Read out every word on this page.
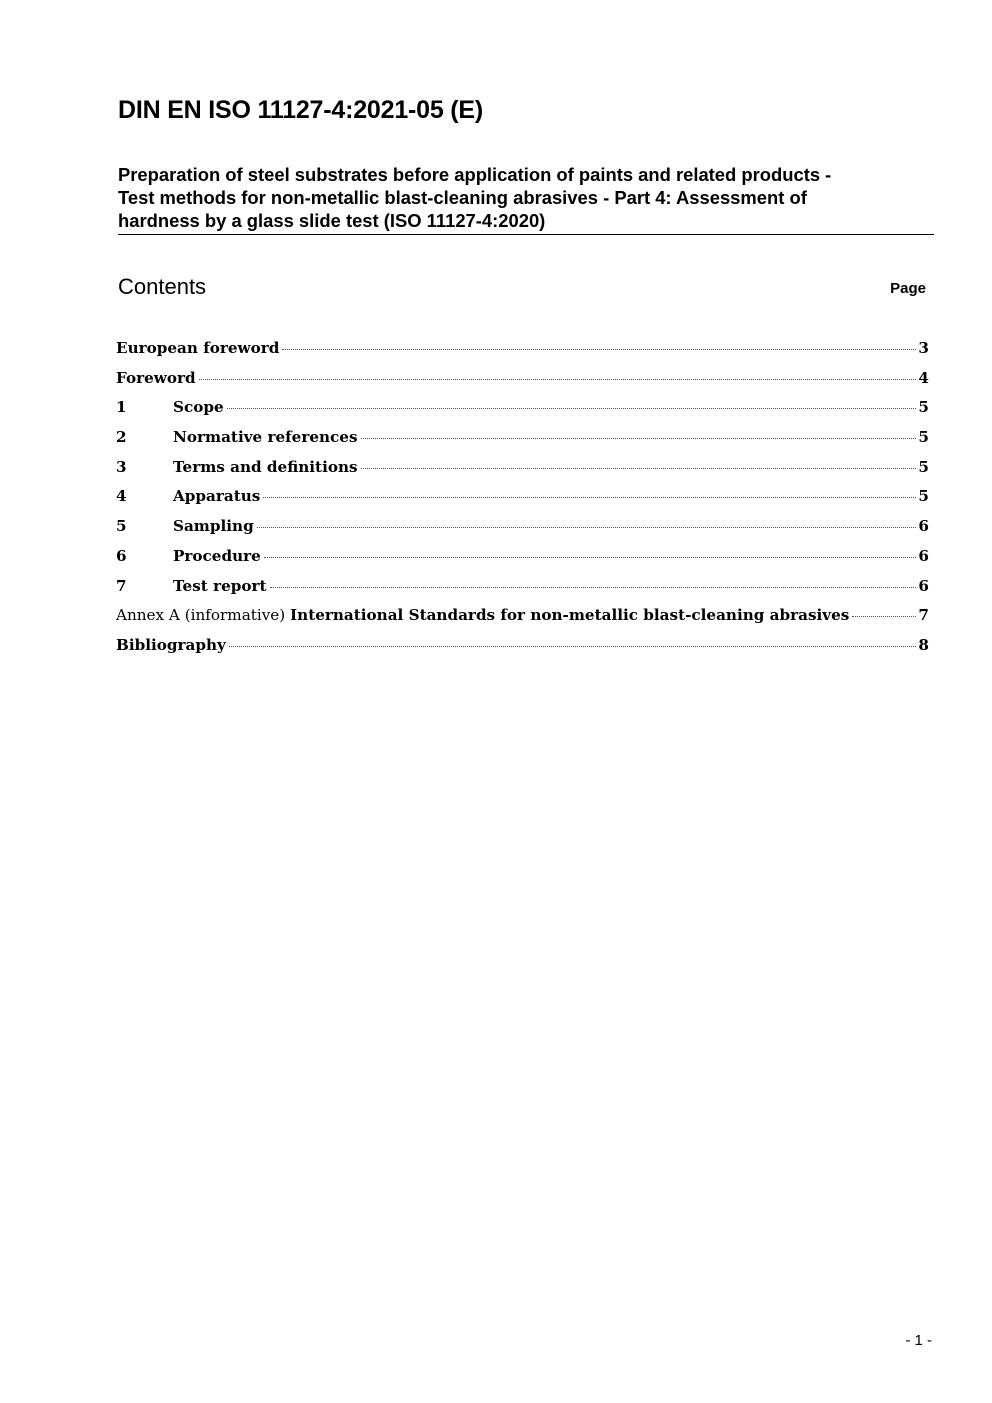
DIN EN ISO 11127-4:2021-05 (E)
Preparation of steel substrates before application of paints and related products -
Test methods for non-metallic blast-cleaning abrasives - Part 4: Assessment of
hardness by a glass slide test (ISO 11127-4:2020)
Contents	Page
European foreword	3
Foreword	4
1	Scope	5
2	Normative references	5
3	Terms and definitions	5
4	Apparatus	5
5	Sampling	6
6	Procedure	6
7	Test report	6
Annex A (informative) International Standards for non-metallic blast-cleaning abrasives	7
Bibliography	8
- 1 -
